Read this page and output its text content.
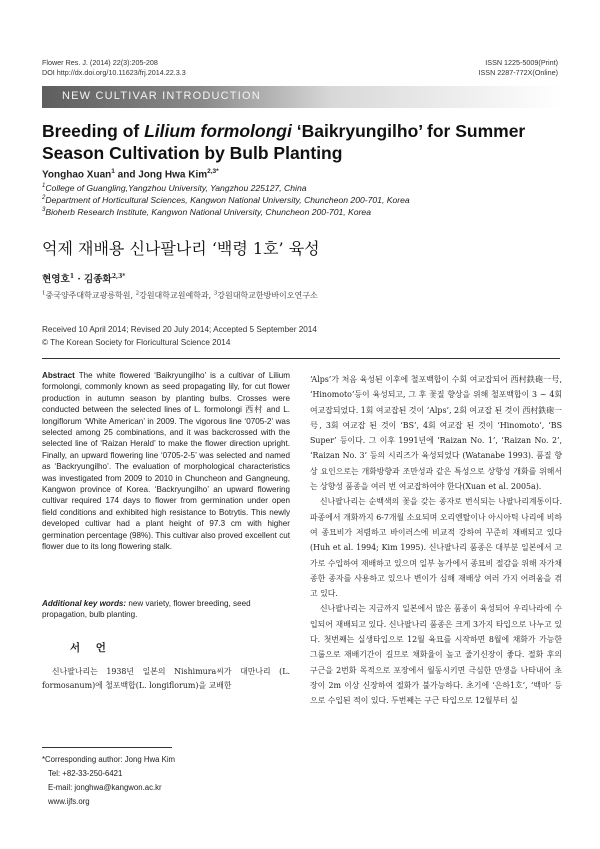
Flower Res. J. (2014) 22(3):205-208
DOI http://dx.doi.org/10.11623/frj.2014.22.3.3
ISSN 1225-5009(Print)
ISSN 2287-772X(Online)
NEW CULTIVAR INTRODUCTION
Breeding of Lilium formolongi ‘Baikryungilho’ for Summer Season Cultivation by Bulb Planting
Yonghao Xuan$^1$ and Jong Hwa Kim$^{2,3*}$
$^1$College of Guangling,Yangzhou University, Yangzhou 225127, China
$^2$Department of Horticultural Sciences, Kangwon National University, Chuncheon 200-701, Korea
$^3$Bioherb Research Institute, Kangwon National University, Chuncheon 200-701, Korea
억제 재배용 신나팔나리 ‘백령 1호’ 육성
현영호$^1$ · 김종화$^{2,3*}$
$^1$중국양주대학교광릉학원, $^2$강원대학교원예학과, $^3$강원대학교한방바이오연구소
Received 10 April 2014; Revised 20 July 2014; Accepted 5 September 2014
© The Korean Society for Floricultural Science 2014
Abstract The white flowered ‘Baikryungilho’ is a cultivar of Lilium formolongi, commonly known as seed propagating lily, for cut flower production in autumn season by planting bulbs. Crosses were conducted between the selected lines of L. formolongi 西村 and L. longiflorum ‘White American’ in 2009. The vigorous line ‘0705-2’ was selected among 25 combinations, and it was backcrossed with the selected line of ‘Raizan Herald’ to make the flower direction upright. Finally, an upward flowering line ‘0705-2-5’ was selected and named as ‘Backryungilho’. The evaluation of morphological characteristics was investigated from 2009 to 2010 in Chuncheon and Gangneung, Kangwon province of Korea. ‘Backryungilho’ an upward flowering cultivar required 174 days to flower from germination under open field conditions and exhibited high resistance to Botrytis. This newly developed cultivar had a plant height of 97.3 cm with higher germination percentage (98%). This cultivar also proved excellent cut flower due to its long flowering stalk.
Additional key words: new variety, flower breeding, seed propagation, bulb planting.
서 언
신나팔나리는 1938년 일본의 Nishimura씨가 대만나리 (L. formosanum)에 철포백합(L. longiflorum)을 교배한
*Corresponding author: Jong Hwa Kim
Tel: +82-33-250-6421
E-mail: jonghwa@kangwon.ac.kr
www.ijfs.org

‘Alps’가 처음 육성된 이후에 철포백합이 수회 여교잡되어 西村鉄砲一号, ‘Hinomoto’등이 육성되고, 그 후 꽃질 향상을 위해 철포백합이 3 ~ 4회 여교잡되었다. 1회 여교잡된 것이 ‘Alps’, 2회 여교잡 된 것이 西村鉄砲一号, 3회 여교잡 된 것이 ‘BS’, 4회 여교잡 된 것이 ‘Hinomoto’, ‘BS Super’ 등이다. 그 이후 1991년에 ‘Raizan No. 1’, ‘Raizan No. 2’, ‘Raizan No. 3’ 등의 시리즈가 육성되었다 (Watanabe 1993). 품질 향상 요인으로는 개화방향과 조만성과 같은 특성으로 상향성 개화를 위해서는 상향성 품종을 여러 번 여교잡하여야 한다(Xuan et al. 2005a).

신나팔나리는 순백색의 꽃을 갖는 종자로 번식되는 나팔나리계통이다. 파종에서 개화까지 6-7개월 소요되며 오리엔탈이나 아시아틱 나리에 비하여 종묘비가 저렴하고 바이러스에 비교적 강하여 꾸준히 재배되고 있다(Huh et al. 1994; Kim 1995). 신나팔나리 품종은 대부분 일본에서 고가로 수입하여 재배하고 있으며 일부 농가에서 종묘비 절감을 위해 자가채종한 종자를 사용하고 있으나 변이가 심해 재배상 여러 가지 어려움을 겪고 있다.

신나팔나리는 지금까지 일본에서 많은 품종이 육성되어 우리나라에 수입되어 재배되고 있다. 신나팔나리 품종은 크게 3가지 타입으로 나누고 있다. 첫번째는 실생타입으로 12월 육묘를 시작하면 8월에 채화가 가능한 그룹으로 재배기간이 길므로 채화율이 높고 줄기신장이 좋다. 절화 후의 구근을 2번화 목적으로 포장에서 월동시키면 극심한 만생을 나타내어 초장이 2m 이상 신장하여 절화가 불가능하다. 초기에 ‘은하1호’, ‘백마’ 등으로 수입된 적이 있다. 두번째는 구근 타입으로 12월부터 실
